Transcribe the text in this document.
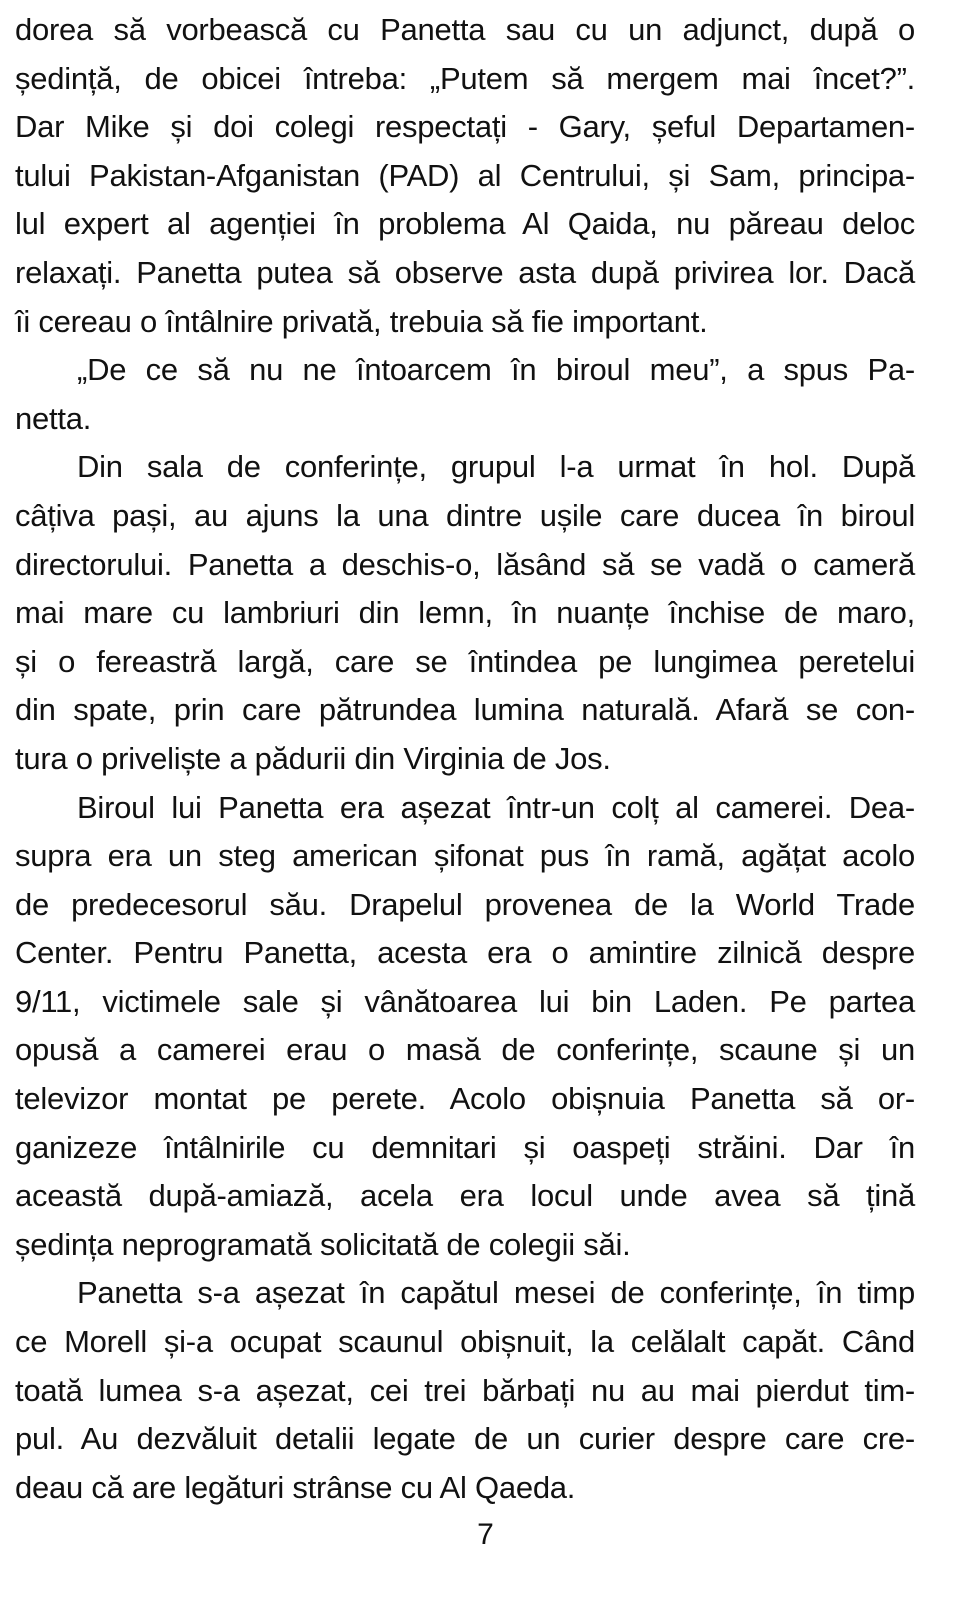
dorea să vorbească cu Panetta sau cu un adjunct, după o
ședință, de obicei întreba: „Putem să mergem mai încet?”.
Dar Mike și doi colegi respectați - Gary, șeful Departamen-
tului Pakistan-Afganistan (PAD) al Centrului, și Sam, principa-
lul expert al agenției în problema Al Qaida, nu păreau deloc
relaxați. Panetta putea să observe asta după privirea lor. Dacă
îi cereau o întâlnire privată, trebuia să fie important.
„De ce să nu ne întoarcem în biroul meu”, a spus Pa-
netta.
Din sala de conferințe, grupul l-a urmat în hol. După
câțiva pași, au ajuns la una dintre ușile care ducea în biroul
directorului. Panetta a deschis-o, lăsând să se vadă o cameră
mai mare cu lambriuri din lemn, în nuanțe închise de maro,
și o fereastră largă, care se întindea pe lungimea peretelui
din spate, prin care pătrundea lumina naturală. Afară se con-
tura o priveliște a pădurii din Virginia de Jos.
Biroul lui Panetta era așezat într-un colț al camerei. Dea-
supra era un steg american șifonat pus în ramă, agățat acolo
de predecesorul său. Drapelul provenea de la World Trade
Center. Pentru Panetta, acesta era o amintire zilnică despre
9/11, victimele sale și vânătoarea lui bin Laden. Pe partea
opusă a camerei erau o masă de conferințe, scaune și un
televizor montat pe perete. Acolo obișnuia Panetta să or-
ganizeze întâlnirile cu demnitari și oaspeți străini. Dar în
această după-amiază, acela era locul unde avea să țină
ședința neprogramată solicitată de colegii săi.
Panetta s-a așezat în capătul mesei de conferințe, în timp
ce Morell și-a ocupat scaunul obișnuit, la celălalt capăt. Când
toată lumea s-a așezat, cei trei bărbați nu au mai pierdut tim-
pul. Au dezvăluit detalii legate de un curier despre care cre-
deau că are legături strânse cu Al Qaeda.
7
